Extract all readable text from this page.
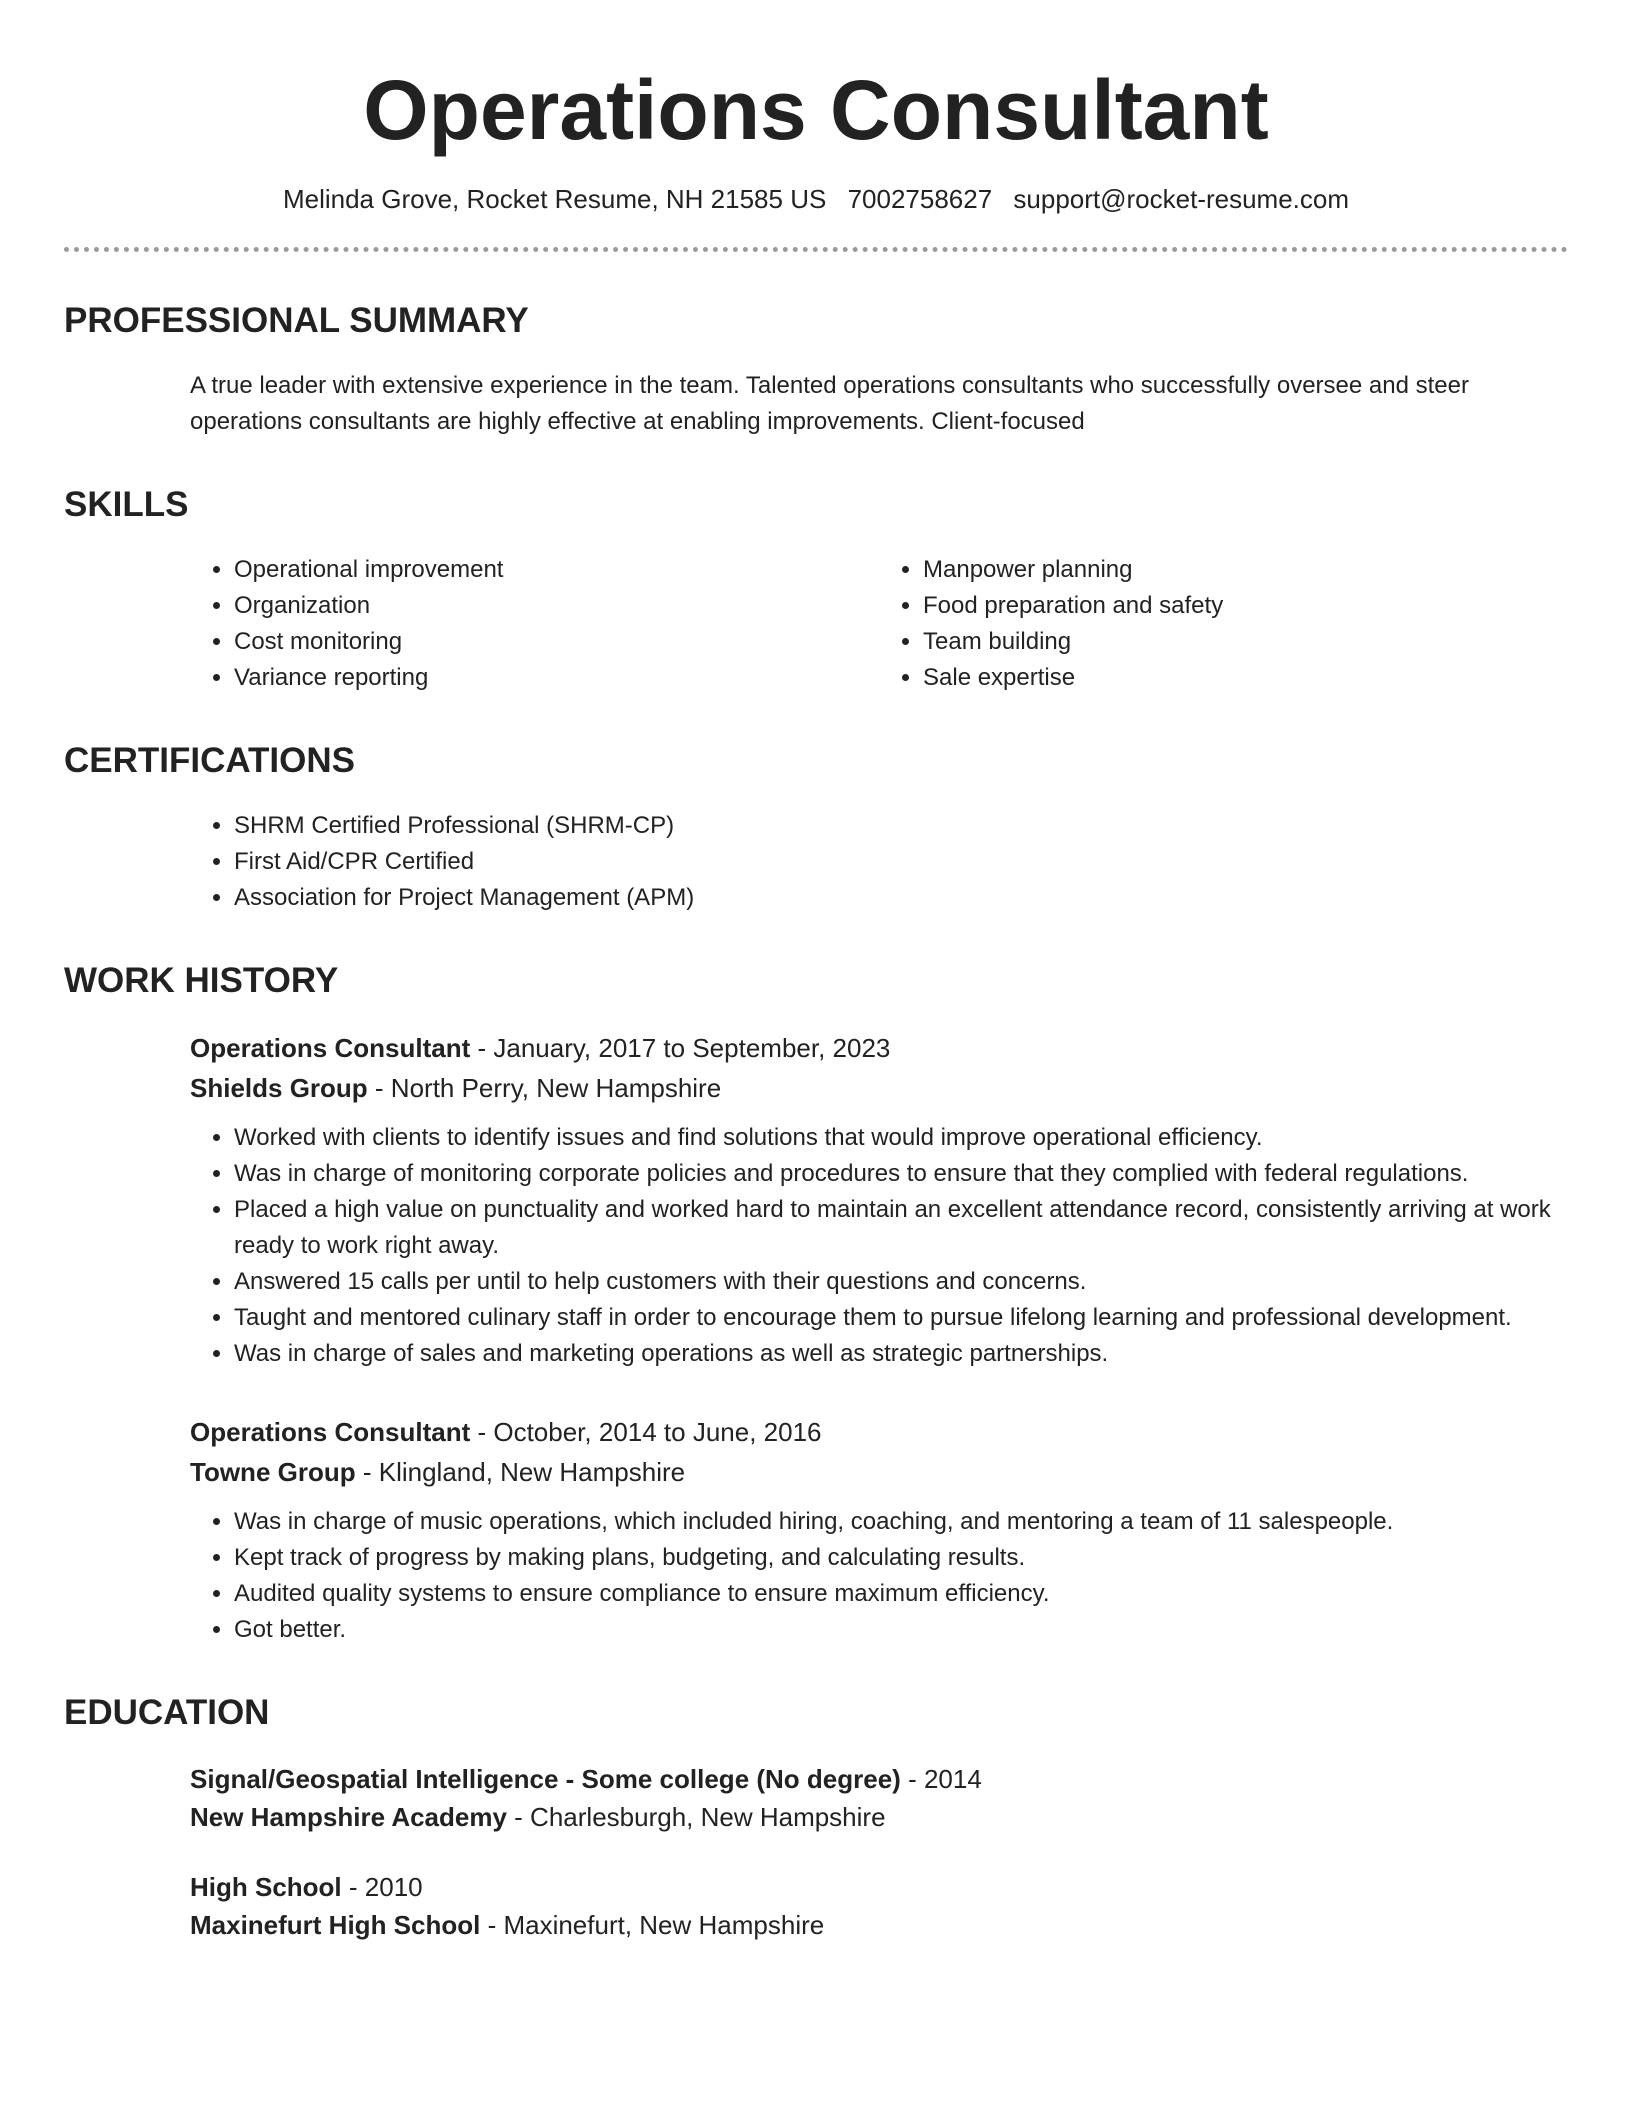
Operations Consultant
Melinda Grove, Rocket Resume, NH 21585 US 7002758627 support@rocket-resume.com
PROFESSIONAL SUMMARY
A true leader with extensive experience in the team. Talented operations consultants who successfully oversee and steer operations consultants are highly effective at enabling improvements. Client-focused
SKILLS
• Operational improvement
• Organization
• Cost monitoring
• Variance reporting
• Manpower planning
• Food preparation and safety
• Team building
• Sale expertise
CERTIFICATIONS
• SHRM Certified Professional (SHRM-CP)
• First Aid/CPR Certified
• Association for Project Management (APM)
WORK HISTORY
Operations Consultant - January, 2017 to September, 2023
Shields Group - North Perry, New Hampshire
• Worked with clients to identify issues and find solutions that would improve operational efficiency.
• Was in charge of monitoring corporate policies and procedures to ensure that they complied with federal regulations.
• Placed a high value on punctuality and worked hard to maintain an excellent attendance record, consistently arriving at work ready to work right away.
• Answered 15 calls per until to help customers with their questions and concerns.
• Taught and mentored culinary staff in order to encourage them to pursue lifelong learning and professional development.
• Was in charge of sales and marketing operations as well as strategic partnerships.
Operations Consultant - October, 2014 to June, 2016
Towne Group - Klingland, New Hampshire
• Was in charge of music operations, which included hiring, coaching, and mentoring a team of 11 salespeople.
• Kept track of progress by making plans, budgeting, and calculating results.
• Audited quality systems to ensure compliance to ensure maximum efficiency.
• Got better.
EDUCATION
Signal/Geospatial Intelligence - Some college (No degree) - 2014
New Hampshire Academy - Charlesburgh, New Hampshire
High School - 2010
Maxinefurt High School - Maxinefurt, New Hampshire
